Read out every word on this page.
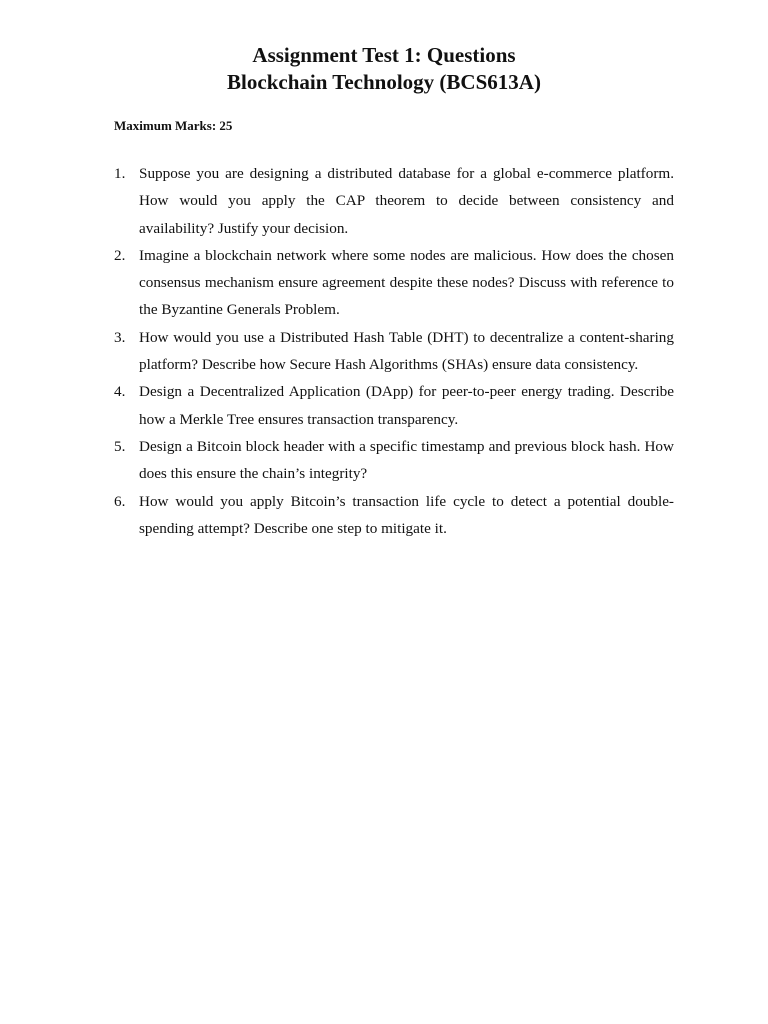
Assignment Test 1: Questions
Blockchain Technology (BCS613A)
Maximum Marks: 25
1. Suppose you are designing a distributed database for a global e-commerce platform. How would you apply the CAP theorem to decide between consistency and availability? Justify your decision.
2. Imagine a blockchain network where some nodes are malicious. How does the chosen consensus mechanism ensure agreement despite these nodes? Discuss with reference to the Byzantine Generals Problem.
3. How would you use a Distributed Hash Table (DHT) to decentralize a content-sharing platform? Describe how Secure Hash Algorithms (SHAs) ensure data consistency.
4. Design a Decentralized Application (DApp) for peer-to-peer energy trading. Describe how a Merkle Tree ensures transaction transparency.
5. Design a Bitcoin block header with a specific timestamp and previous block hash. How does this ensure the chain’s integrity?
6. How would you apply Bitcoin’s transaction life cycle to detect a potential double-spending attempt? Describe one step to mitigate it.
